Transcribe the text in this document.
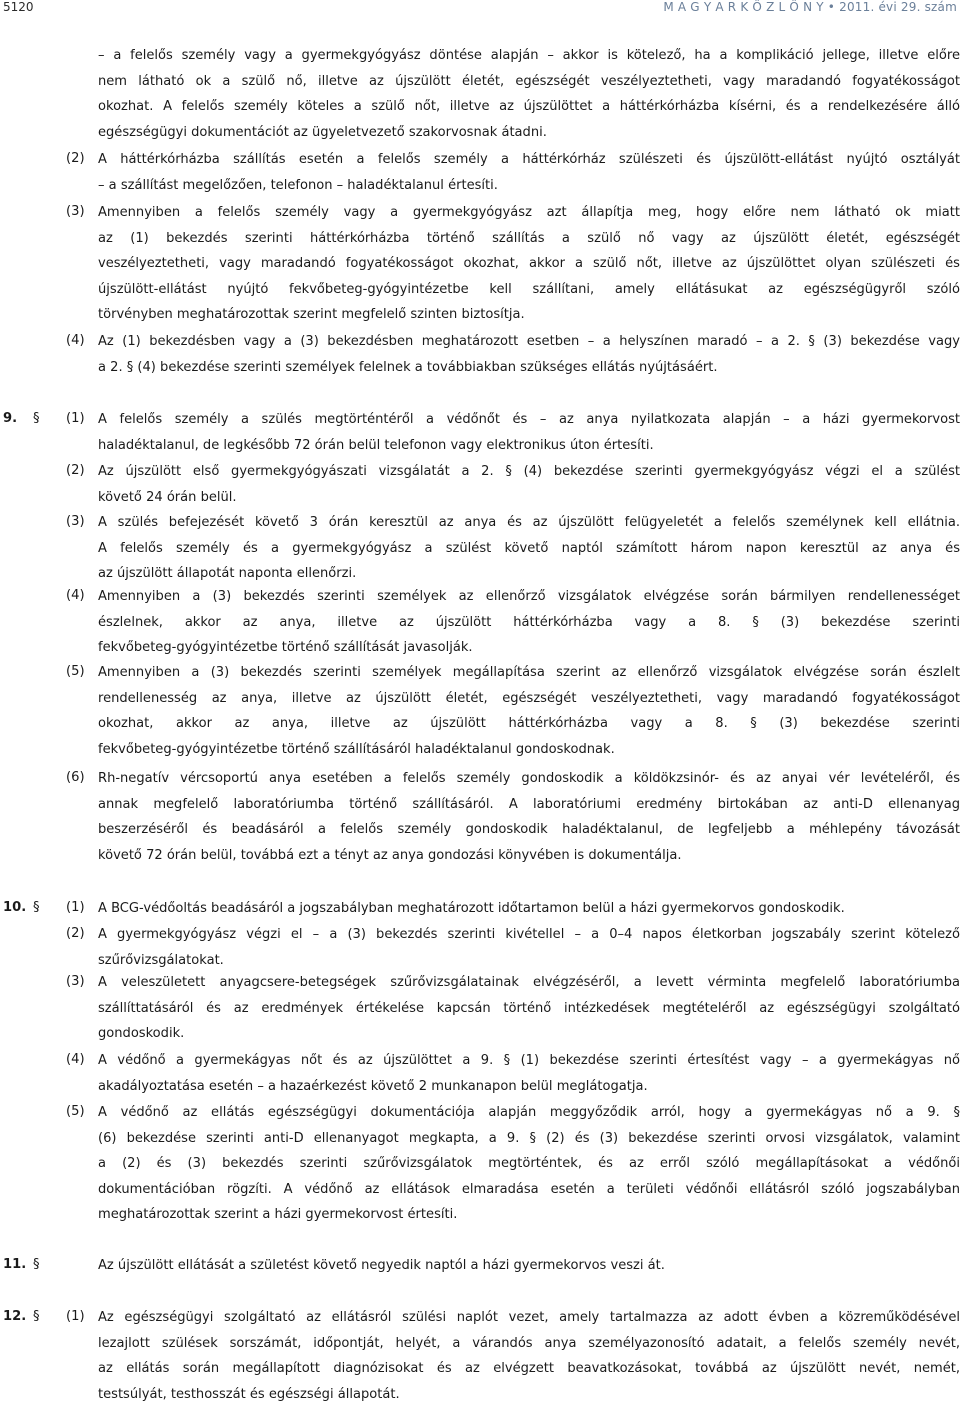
5120	M A G Y A R K Ö Z L Ö N Y • 2011. évi 29. szám
– a felelős személy vagy a gyermekgyógyász döntése alapján – akkor is kötelező, ha a komplikáció jellege, illetve előre
nem látható ok a szülő nő, illetve az újszülött életét, egészségét veszélyeztetheti, vagy maradandó fogyatékosságot
okozhat. A felelős személy köteles a szülő nőt, illetve az újszülöttet a háttérkórházba kísérni, és a rendelkezésére álló
egészségügyi dokumentációt az ügyeletvezető szakorvosnak átadni.
(2) A háttérkórházba szállítás esetén a felelős személy a háttérkórház szülészeti és újszülött-ellátást nyújtó osztályát
– a szállítást megelőzően, telefonon – haladéktalanul értesíti.
(3) Amennyiben a felelős személy vagy a gyermekgyógyász azt állapítja meg, hogy előre nem látható ok miatt
az (1) bekezdés szerinti háttérkórházba történő szállítás a szülő nő vagy az újszülött életét, egészségét
veszélyeztetheti, vagy maradandó fogyatékosságot okozhat, akkor a szülő nőt, illetve az újszülöttet olyan szülészeti és
újszülött-ellátást nyújtó fekvőbeteg-gyógyintézetbe kell szállítani, amely ellátásukat az egészségügyről szóló
törvényben meghatározottak szerint megfelelő szinten biztosítja.
(4) Az (1) bekezdésben vagy a (3) bekezdésben meghatározott esetben – a helyszínen maradó – a 2. § (3) bekezdése vagy
a 2. § (4) bekezdése szerinti személyek felelnek a továbbiakban szükséges ellátás nyújtásáért.
9. § (1) A felelős személy a szülés megtörténtéről a védőnőt és – az anya nyilatkozata alapján – a házi gyermekorvost
haladéktalanul, de legkésőbb 72 órán belül telefonon vagy elektronikus úton értesíti.
(2) Az újszülött első gyermekgyógyászati vizsgálatát a 2. § (4) bekezdése szerinti gyermekgyógyász végzi el a szülést
követő 24 órán belül.
(3) A szülés befejezését követő 3 órán keresztül az anya és az újszülött felügyeletét a felelős személynek kell ellátnia.
A felelős személy és a gyermekgyógyász a szülést követő naptól számított három napon keresztül az anya és
az újszülött állapotát naponta ellenőrzi.
(4) Amennyiben a (3) bekezdés szerinti személyek az ellenőrző vizsgálatok elvégzése során bármilyen rendellenességet
észlelnek, akkor az anya, illetve az újszülött háttérkórházba vagy a 8. § (3) bekezdése szerinti
fekvőbeteg-gyógyintézetbe történő szállítását javasolják.
(5) Amennyiben a (3) bekezdés szerinti személyek megállapítása szerint az ellenőrző vizsgálatok elvégzése során észlelt
rendellenesség az anya, illetve az újszülött életét, egészségét veszélyeztetheti, vagy maradandó fogyatékosságot
okozhat, akkor az anya, illetve az újszülött háttérkórházba vagy a 8. § (3) bekezdése szerinti
fekvőbeteg-gyógyintézetbe történő szállításáról haladéktalanul gondoskodnak.
(6) Rh-negatív vércsoportú anya esetében a felelős személy gondoskodik a köldökzsinór- és az anyai vér levételéről, és
annak megfelelő laboratóriumba történő szállításáról. A laboratóriumi eredmény birtokában az anti-D ellenanyag
beszerzéséről és beadásáról a felelős személy gondoskodik haladéktalanul, de legfeljebb a méhlepény távozását
követő 72 órán belül, továbbá ezt a tényt az anya gondozási könyvében is dokumentálja.
10. § (1) A BCG-védőoltás beadásáról a jogszabályban meghatározott időtartamon belül a házi gyermekorvos gondoskodik.
(2) A gyermekgyógyász végzi el – a (3) bekezdés szerinti kivétellel – a 0–4 napos életkorban jogszabály szerint kötelező
szűrővizsgálatokat.
(3) A veleszületett anyagcsere-betegségek szűrővizsgálatainak elvégzéséről, a levett vérminta megfelelő laboratóriumba
szállíttatásáról és az eredmények értékelése kapcsán történő intézkedések megtételéről az egészségügyi szolgáltató
gondoskodik.
(4) A védőnő a gyermekágyas nőt és az újszülöttet a 9. § (1) bekezdése szerinti értesítést vagy – a gyermekágyas nő
akadályoztatása esetén – a hazaérkezést követő 2 munkanapon belül meglátogatja.
(5) A védőnő az ellátás egészségügyi dokumentációja alapján meggyőződik arról, hogy a gyermekágyas nő a 9. §
(6) bekezdése szerinti anti-D ellenanyagot megkapta, a 9. § (2) és (3) bekezdése szerinti orvosi vizsgálatok, valamint
a (2) és (3) bekezdés szerinti szűrővizsgálatok megtörténtek, és az erről szóló megállapításokat a védőnői
dokumentációban rögzíti. A védőnő az ellátások elmaradása esetén a területi védőnői ellátásról szóló jogszabályban
meghatározottak szerint a házi gyermekorvost értesíti.
11. §	Az újszülött ellátását a születést követő negyedik naptól a házi gyermekorvos veszi át.
12. § (1) Az egészségügyi szolgáltató az ellátásról szülési naplót vezet, amely tartalmazza az adott évben a közreműködésével
lezajlott szülések sorszámát, időpontját, helyét, a várandós anya személyazonosító adatait, a felelős személy nevét,
az ellátás során megállapított diagnózisokat és az elvégzett beavatkozásokat, továbbá az újszülött nevét, nemét,
testsúlyát, testhosszát és egészségi állapotát.
